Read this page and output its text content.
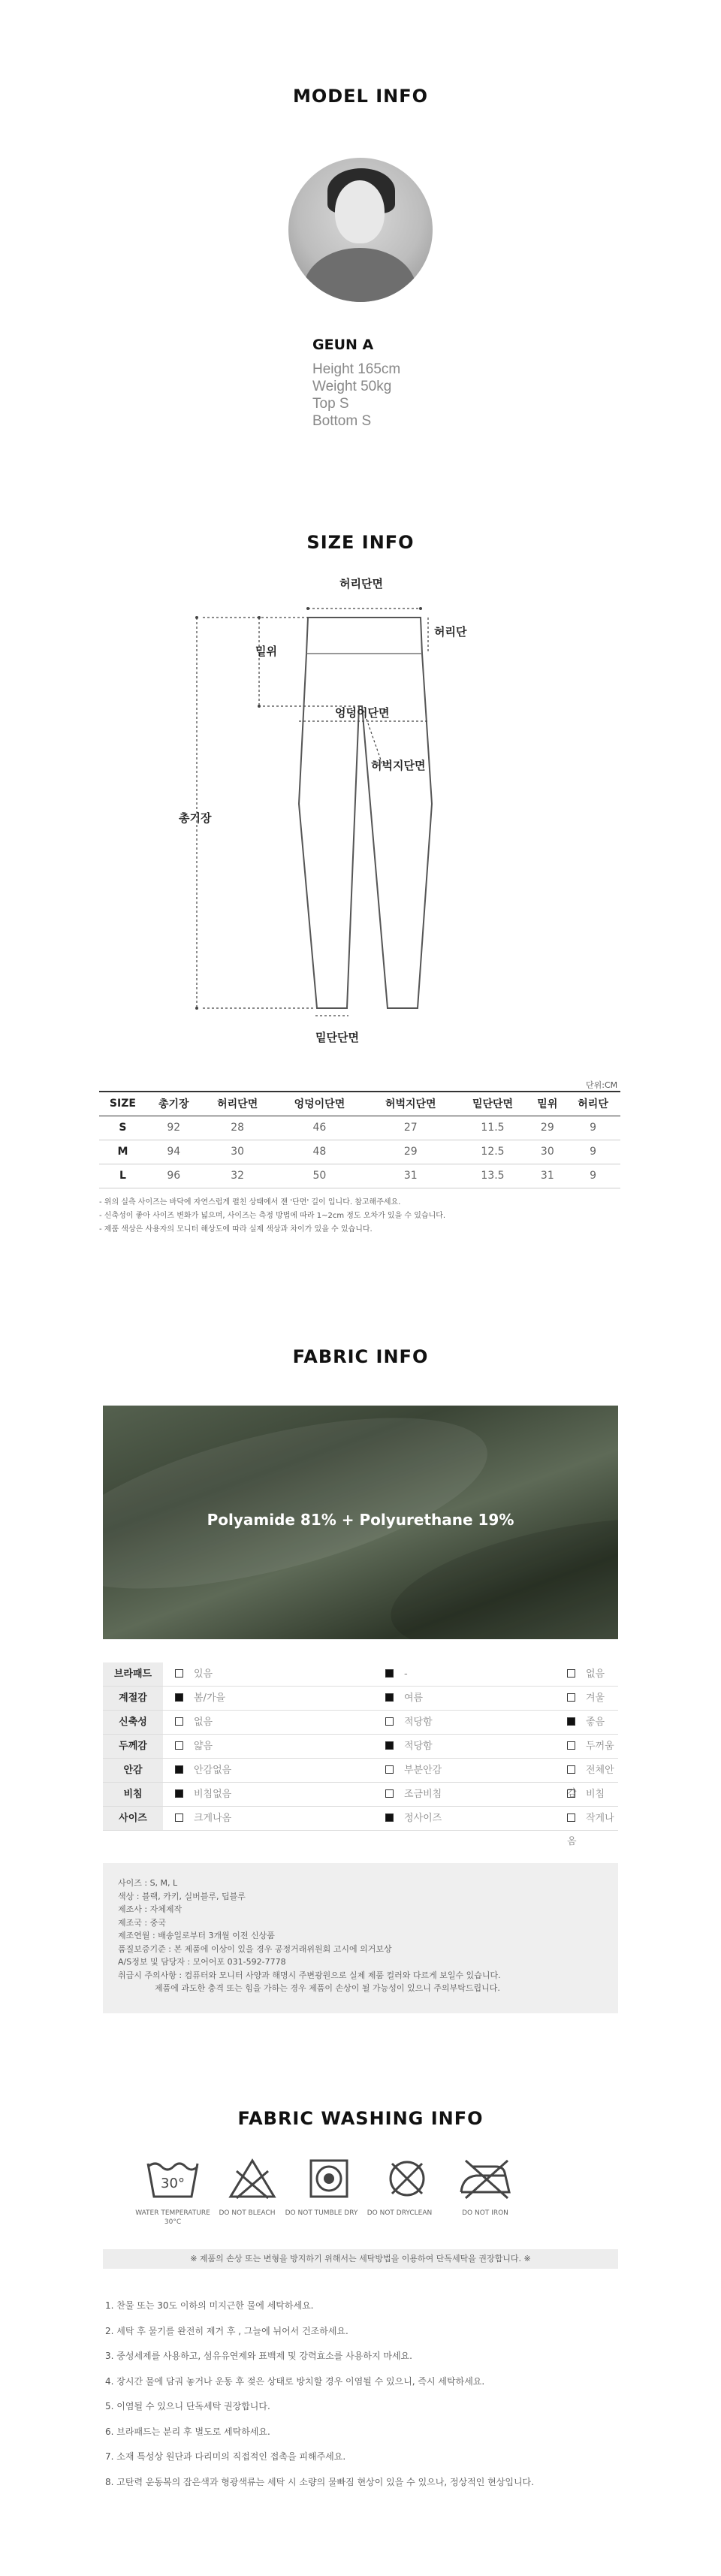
MODEL INFO
GEUN A
Height 165cm
Weight 50kg
Top S
Bottom S
SIZE INFO
허리단면
허리단
밑위
엉덩이단면
허벅지단면
총기장
밑단단면
단위:CM
SIZE	총기장	허리단면	엉덩이단면	허벅지단면	밑단단면	밑위	허리단
S	92	28	46	27	11.5	29	9
M	94	30	48	29	12.5	30	9
L	96	32	50	31	13.5	31	9
- 위의 실측 사이즈는 바닥에 자연스럽게 펼친 상태에서 잰 '단면' 길이 입니다. 참고해주세요.
- 신축성이 좋아 사이즈 변화가 넓으며, 사이즈는 측정 방법에 따라 1~2cm 정도 오차가 있을 수 있습니다.
- 제품 색상은 사용자의 모니터 해상도에 따라 실제 색상과 차이가 있을 수 있습니다.
FABRIC INFO
Polyamide 81% + Polyurethane 19%
브라패드	있음	-	없음
계절감	봄/가을	여름	겨울
신축성	없음	적당함	좋음
두께감	얇음	적당함	두꺼움
안감	안감없음	부분안감	전체안감
비침	비침없음	조금비침	비침
사이즈	크게나옴	정사이즈	작게나옴
사이즈 : S, M, L
색상 : 블랙, 카키, 실버블루, 딥블루
제조사 : 자체제작
제조국 : 중국
제조연월 : 배송일로부터 3개월 이전 신상품
품질보증기준 : 본 제품에 이상이 있을 경우 공정거래위원회 고시에 의거보상
A/S정보 및 담당자 : 모어어포 031-592-7778
취급시 주의사항 : 컴퓨터와 모니터 사양과 해명시 주변광원으로 실제 제품 컬러와 다르게 보일수 있습니다.
제품에 과도한 충격 또는 힘을 가하는 경우 제품이 손상이 될 가능성이 있으니 주의부탁드립니다.
FABRIC WASHING INFO
30°
WATER TEMPERATURE 30°C
DO NOT BLEACH	DO NOT TUMBLE DRY	DO NOT DRYCLEAN	DO NOT IRON
※ 제품의 손상 또는 변형을 방지하기 위해서는 세탁방법을 이용하여 단독세탁을 권장합니다. ※
1. 찬물 또는 30도 이하의 미지근한 물에 세탁하세요.
2. 세탁 후 물기를 완전히 제거 후 , 그늘에 뉘어서 건조하세요.
3. 중성세제를 사용하고, 섬유유연제와 표백제 및 강력효소를 사용하지 마세요.
4. 장시간 물에 담궈 놓거나 운동 후 젖은 상태로 방치할 경우 이염될 수 있으니, 즉시 세탁하세요.
5. 이염될 수 있으니 단독세탁 권장합니다.
6. 브라패드는 분리 후 별도로 세탁하세요.
7. 소재 특성상 원단과 다리미의 직접적인 접촉을 피해주세요.
8. 고탄력 운동복의 잡은색과 형광색류는 세탁 시 소량의 물빠짐 현상이 있을 수 있으나, 정상적인 현상입니다.
